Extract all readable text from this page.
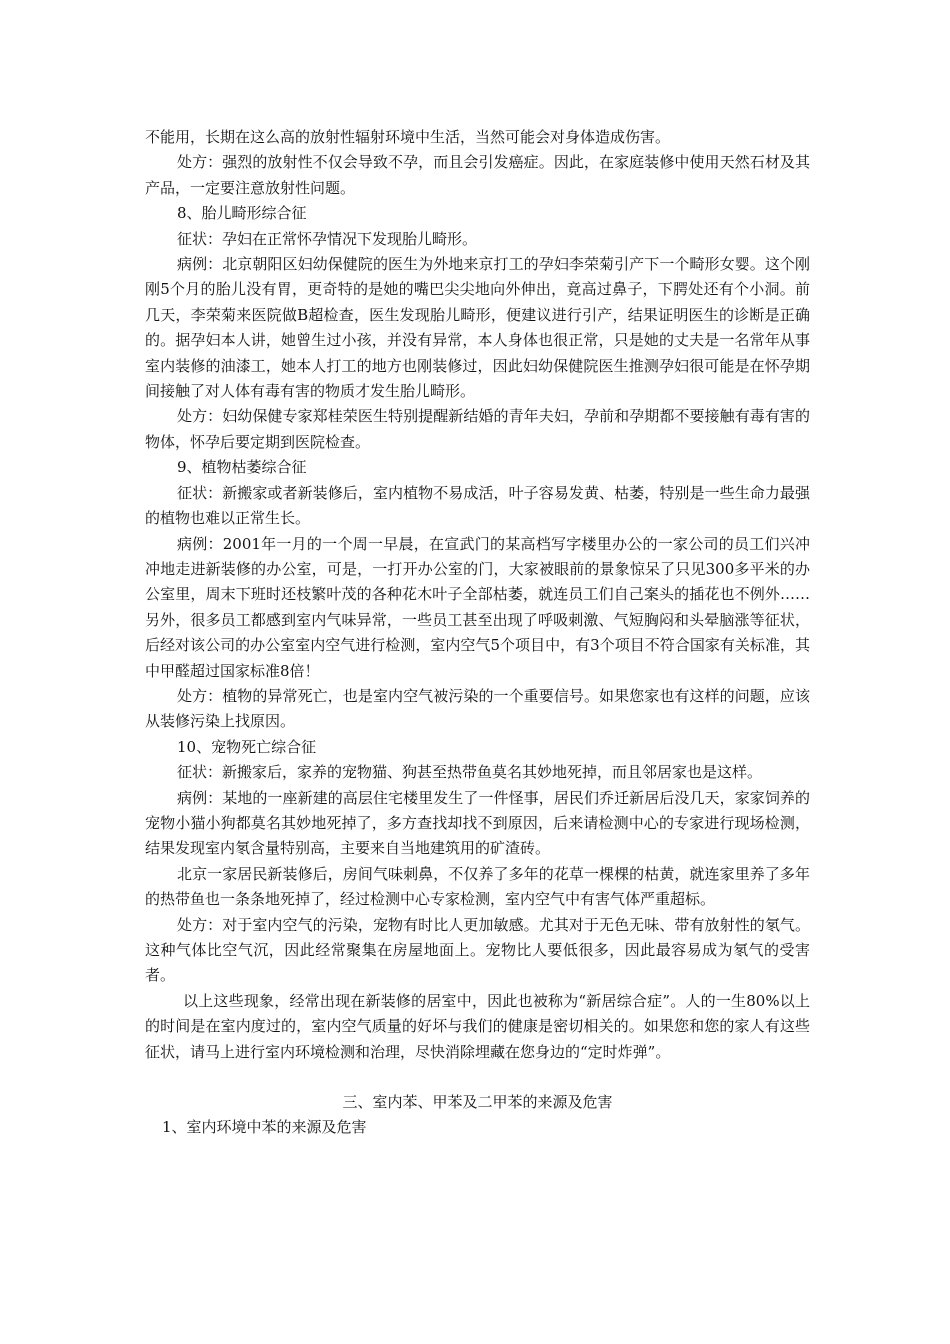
不能用，长期在这么高的放射性辐射环境中生活，当然可能会对身体造成伤害。

处方：强烈的放射性不仅会导致不孕，而且会引发癌症。因此，在家庭装修中使用天然石材及其产品，一定要注意放射性问题。

8、胎儿畸形综合征

征状：孕妇在正常怀孕情况下发现胎儿畸形。

病例：北京朝阳区妇幼保健院的医生为外地来京打工的孕妇李荣菊引产下一个畸形女婴。这个刚刚5个月的胎儿没有胃，更奇特的是她的嘴巴尖尖地向外伸出，竟高过鼻子，下腭处还有个小洞。前几天，李荣菊来医院做B超检查，医生发现胎儿畸形，便建议进行引产，结果证明医生的诊断是正确的。据孕妇本人讲，她曾生过小孩，并没有异常，本人身体也很正常，只是她的丈夫是一名常年从事室内装修的油漆工，她本人打工的地方也刚装修过，因此妇幼保健院医生推测孕妇很可能是在怀孕期间接触了对人体有毒有害的物质才发生胎儿畸形。

处方：妇幼保健专家郑桂荣医生特别提醒新结婚的青年夫妇，孕前和孕期都不要接触有毒有害的物体，怀孕后要定期到医院检查。

9、植物枯萎综合征

征状：新搬家或者新装修后，室内植物不易成活，叶子容易发黄、枯萎，特别是一些生命力最强的植物也难以正常生长。

病例：2001年一月的一个周一早晨，在宣武门的某高档写字楼里办公的一家公司的员工们兴冲冲地走进新装修的办公室，可是，一打开办公室的门，大家被眼前的景象惊呆了只见300多平米的办公室里，周末下班时还枝繁叶茂的各种花木叶子全部枯萎，就连员工们自己案头的插花也不例外……另外，很多员工都感到室内气味异常，一些员工甚至出现了呼吸刺激、气短胸闷和头晕脑涨等征状，后经对该公司的办公室室内空气进行检测，室内空气5个项目中，有3个项目不符合国家有关标准，其中甲醛超过国家标准8倍！

处方：植物的异常死亡，也是室内空气被污染的一个重要信号。如果您家也有这样的问题，应该从装修污染上找原因。

10、宠物死亡综合征

征状：新搬家后，家养的宠物猫、狗甚至热带鱼莫名其妙地死掉，而且邻居家也是这样。

病例：某地的一座新建的高层住宅楼里发生了一件怪事，居民们乔迁新居后没几天，家家饲养的宠物小猫小狗都莫名其妙地死掉了，多方查找却找不到原因，后来请检测中心的专家进行现场检测，结果发现室内氡含量特别高，主要来自当地建筑用的矿渣砖。

北京一家居民新装修后，房间气味刺鼻，不仅养了多年的花草一棵棵的枯黄，就连家里养了多年的热带鱼也一条条地死掉了，经过检测中心专家检测，室内空气中有害气体严重超标。

处方：对于室内空气的污染，宠物有时比人更加敏感。尤其对于无色无味、带有放射性的氡气。这种气体比空气沉，因此经常聚集在房屋地面上。宠物比人要低很多，因此最容易成为氡气的受害者。

以上这些现象，经常出现在新装修的居室中，因此也被称为“新居综合症”。人的一生80%以上的时间是在室内度过的，室内空气质量的好坏与我们的健康是密切相关的。如果您和您的家人有这些征状，请马上进行室内环境检测和治理，尽快消除埋藏在您身边的“定时炸弹”。

三、室内苯、甲苯及二甲苯的来源及危害

1、室内环境中苯的来源及危害
